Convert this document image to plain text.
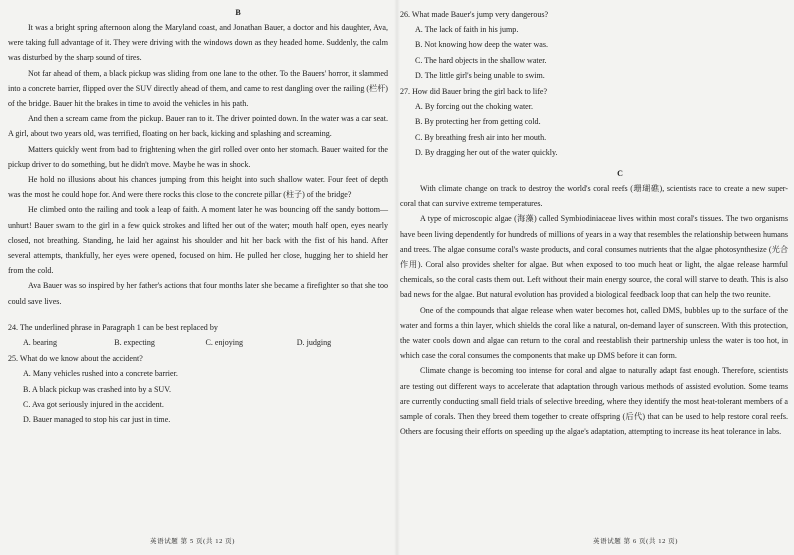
B

It was a bright spring afternoon along the Maryland coast, and Jonathan Bauer, a doctor and his daughter, Ava, were taking full advantage of it. They were driving with the windows down as they headed home. Suddenly, the calm was disturbed by the sharp sound of tires.

Not far ahead of them, a black pickup was sliding from one lane to the other. To the Bauers' horror, it slammed into a concrete barrier, flipped over the SUV directly ahead of them, and came to rest dangling over the railing (栏杆) of the bridge. Bauer hit the brakes in time to avoid the vehicles in his path.

And then a scream came from the pickup. Bauer ran to it. The driver pointed down. In the water was a car seat. A girl, about two years old, was terrified, floating on her back, kicking and splashing and screaming.

Matters quickly went from bad to frightening when the girl rolled over onto her stomach. Bauer waited for the pickup driver to do something, but he didn't move. Maybe he was in shock.

He hold no illusions about his chances jumping from this height into such shallow water. Four feet of depth was the most he could hope for. And were there rocks this close to the concrete pillar (柱子) of the bridge?

He climbed onto the railing and took a leap of faith. A moment later he was bouncing off the sandy bottom—unhurt! Bauer swam to the girl in a few quick strokes and lifted her out of the water; mouth half open, eyes nearly closed, not breathing. Standing, he laid her against his shoulder and hit her back with the fist of his hand. After several attempts, thankfully, her eyes were opened, focused on him. He pulled her close, hugging her to shield her from the cold.

Ava Bauer was so inspired by her father's actions that four months later she became a firefighter so that she too could save lives.

24. The underlined phrase in Paragraph 1 can be best replaced by
A. bearing	B. expecting	C. enjoying	D. judging
25. What do we know about the accident?
A. Many vehicles rushed into a concrete barrier.
B. A black pickup was crashed into by a SUV.
C. Ava got seriously injured in the accident.
D. Bauer managed to stop his car just in time.
英语试题 第 5 页(共 12 页)
26. What made Bauer's jump very dangerous?
A. The lack of faith in his jump.
B. Not knowing how deep the water was.
C. The hard objects in the shallow water.
D. The little girl's being unable to swim.
27. How did Bauer bring the girl back to life?
A. By forcing out the choking water.
B. By protecting her from getting cold.
C. By breathing fresh air into her mouth.
D. By dragging her out of the water quickly.
C

With climate change on track to destroy the world's coral reefs (珊瑚礁), scientists race to create a new super-coral that can survive extreme temperatures.

A type of microscopic algae (海藻) called Symbiodiniaceae lives within most coral's tissues. The two organisms have been living dependently for hundreds of millions of years in a way that resembles the relationship between humans and trees. The algae consume coral's waste products, and coral consumes nutrients that the algae photosynthesize (光合作用). Coral also provides shelter for algae. But when exposed to too much heat or light, the algae release harmful chemicals, so the coral casts them out. Left without their main energy source, the coral will starve to death. This is also bad news for the algae. But natural evolution has provided a biological feedback loop that can help the two reunite.

One of the compounds that algae release when water becomes hot, called DMS, bubbles up to the surface of the water and forms a thin layer, which shields the coral like a natural, on-demand layer of sunscreen. With this protection, the water cools down and algae can return to the coral and reestablish their partnership unless the water is too hot, in which case the coral consumes the components that make up DMS before it can form.

Climate change is becoming too intense for coral and algae to naturally adapt fast enough. Therefore, scientists are testing out different ways to accelerate that adaptation through various methods of assisted evolution. Some teams are currently conducting small field trials of selective breeding, where they identify the most heat-tolerant members of a sample of corals. Then they breed them together to create offspring (后代) that can be used to help restore coral reefs. Others are focusing their efforts on speeding up the algae's adaptation, attempting to increase its heat tolerance in labs.

英语试题 第 6 页(共 12 页)
